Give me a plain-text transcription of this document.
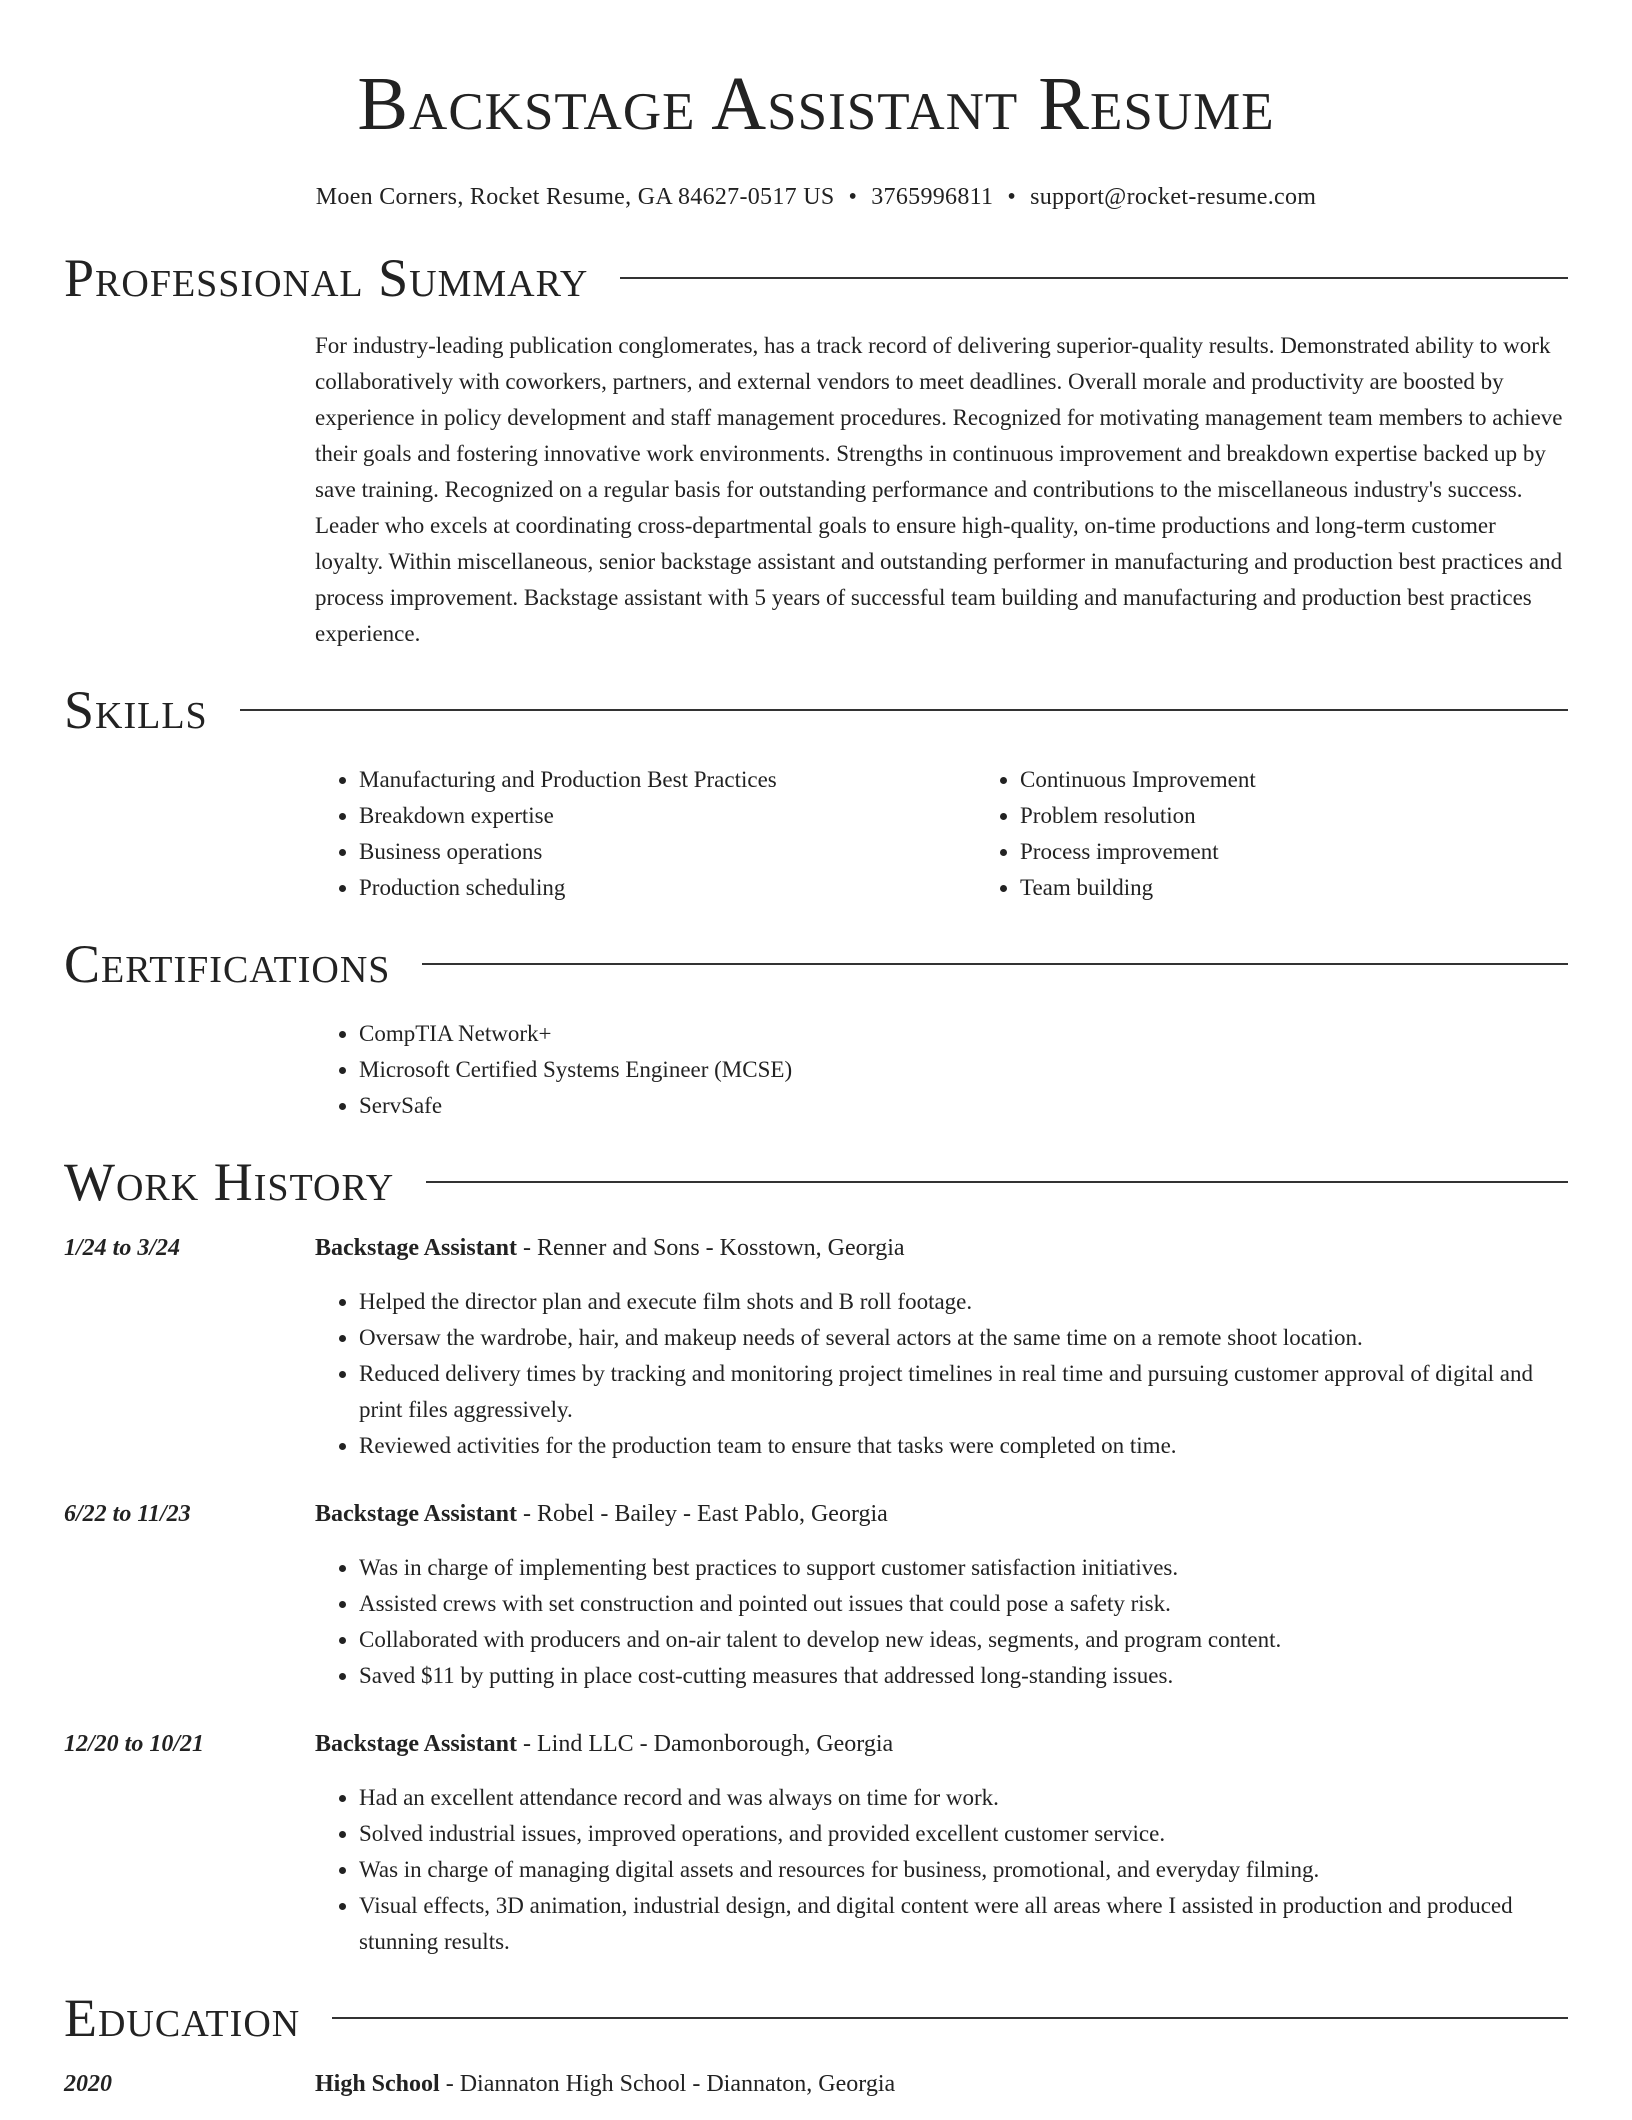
Backstage Assistant Resume
Moen Corners, Rocket Resume, GA 84627-0517 US • 3765996811 • support@rocket-resume.com
Professional Summary
For industry-leading publication conglomerates, has a track record of delivering superior-quality results. Demonstrated ability to work collaboratively with coworkers, partners, and external vendors to meet deadlines. Overall morale and productivity are boosted by experience in policy development and staff management procedures. Recognized for motivating management team members to achieve their goals and fostering innovative work environments. Strengths in continuous improvement and breakdown expertise backed up by save training. Recognized on a regular basis for outstanding performance and contributions to the miscellaneous industry's success. Leader who excels at coordinating cross-departmental goals to ensure high-quality, on-time productions and long-term customer loyalty. Within miscellaneous, senior backstage assistant and outstanding performer in manufacturing and production best practices and process improvement. Backstage assistant with 5 years of successful team building and manufacturing and production best practices experience.
Skills
• Manufacturing and Production Best Practices
• Breakdown expertise
• Business operations
• Production scheduling
• Continuous Improvement
• Problem resolution
• Process improvement
• Team building
Certifications
• CompTIA Network+
• Microsoft Certified Systems Engineer (MCSE)
• ServSafe
Work History
1/24 to 3/24	Backstage Assistant - Renner and Sons - Kosstown, Georgia
• Helped the director plan and execute film shots and B roll footage.
• Oversaw the wardrobe, hair, and makeup needs of several actors at the same time on a remote shoot location.
• Reduced delivery times by tracking and monitoring project timelines in real time and pursuing customer approval of digital and print files aggressively.
• Reviewed activities for the production team to ensure that tasks were completed on time.
6/22 to 11/23	Backstage Assistant - Robel - Bailey - East Pablo, Georgia
• Was in charge of implementing best practices to support customer satisfaction initiatives.
• Assisted crews with set construction and pointed out issues that could pose a safety risk.
• Collaborated with producers and on-air talent to develop new ideas, segments, and program content.
• Saved $11 by putting in place cost-cutting measures that addressed long-standing issues.
12/20 to 10/21	Backstage Assistant - Lind LLC - Damonborough, Georgia
• Had an excellent attendance record and was always on time for work.
• Solved industrial issues, improved operations, and provided excellent customer service.
• Was in charge of managing digital assets and resources for business, promotional, and everyday filming.
• Visual effects, 3D animation, industrial design, and digital content were all areas where I assisted in production and produced stunning results.
Education
2020	High School - Diannaton High School - Diannaton, Georgia
